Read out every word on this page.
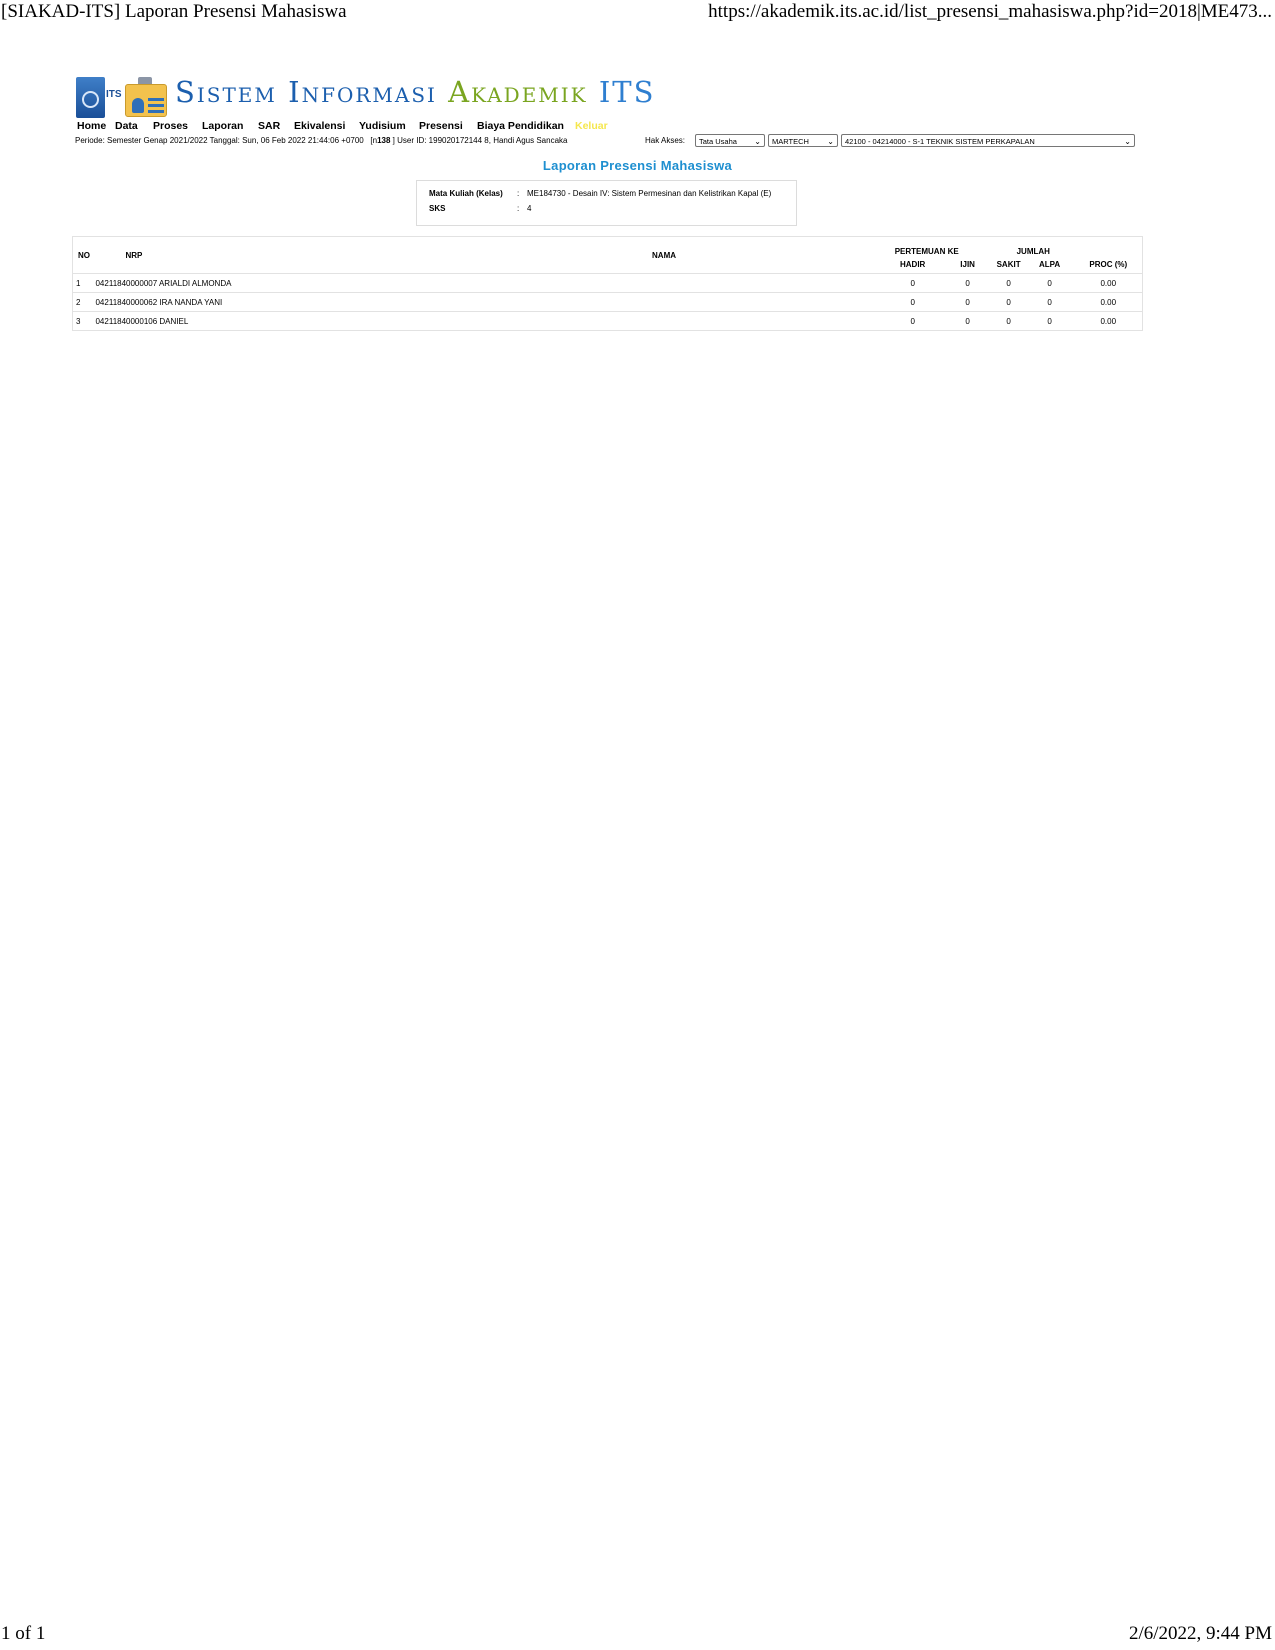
[SIAKAD-ITS] Laporan Presensi Mahasiswa	https://akademik.its.ac.id/list_presensi_mahasiswa.php?id=2018|ME473...
ITS Sistem Informasi Akademik ITS
Home Data Proses Laporan SAR Ekivalensi Yudisium Presensi Biaya Pendidikan Keluar
Periode: Semester Genap 2021/2022 Tanggal: Sun, 06 Feb 2022 21:44:06 +0700 [n138 ] User ID: 199020172144 8, Handi Agus Sancaka	Hak Akses:	Tata Usaha ⌄	MARTECH ⌄	42100 - 04214000 - S-1 TEKNIK SISTEM PERKAPALAN	⌄
Laporan Presensi Mahasiswa
Mata Kuliah (Kelas) : ME184730 - Desain IV: Sistem Permesinan dan Kelistrikan Kapal (E)
SKS	: 4
NO	NRP	NAMA	PERTEMUAN KE		JUMLAH		
			HADIR	IJIN	SAKIT	ALPA	PROC (%)
1	04211840000007 ARIALDI ALMONDA		0	0	0	0	0.00
2	04211840000062 IRA NANDA YANI		0	0	0	0	0.00
3	04211840000106 DANIEL		0	0	0	0	0.00
1 of 1	2/6/2022, 9:44 PM
